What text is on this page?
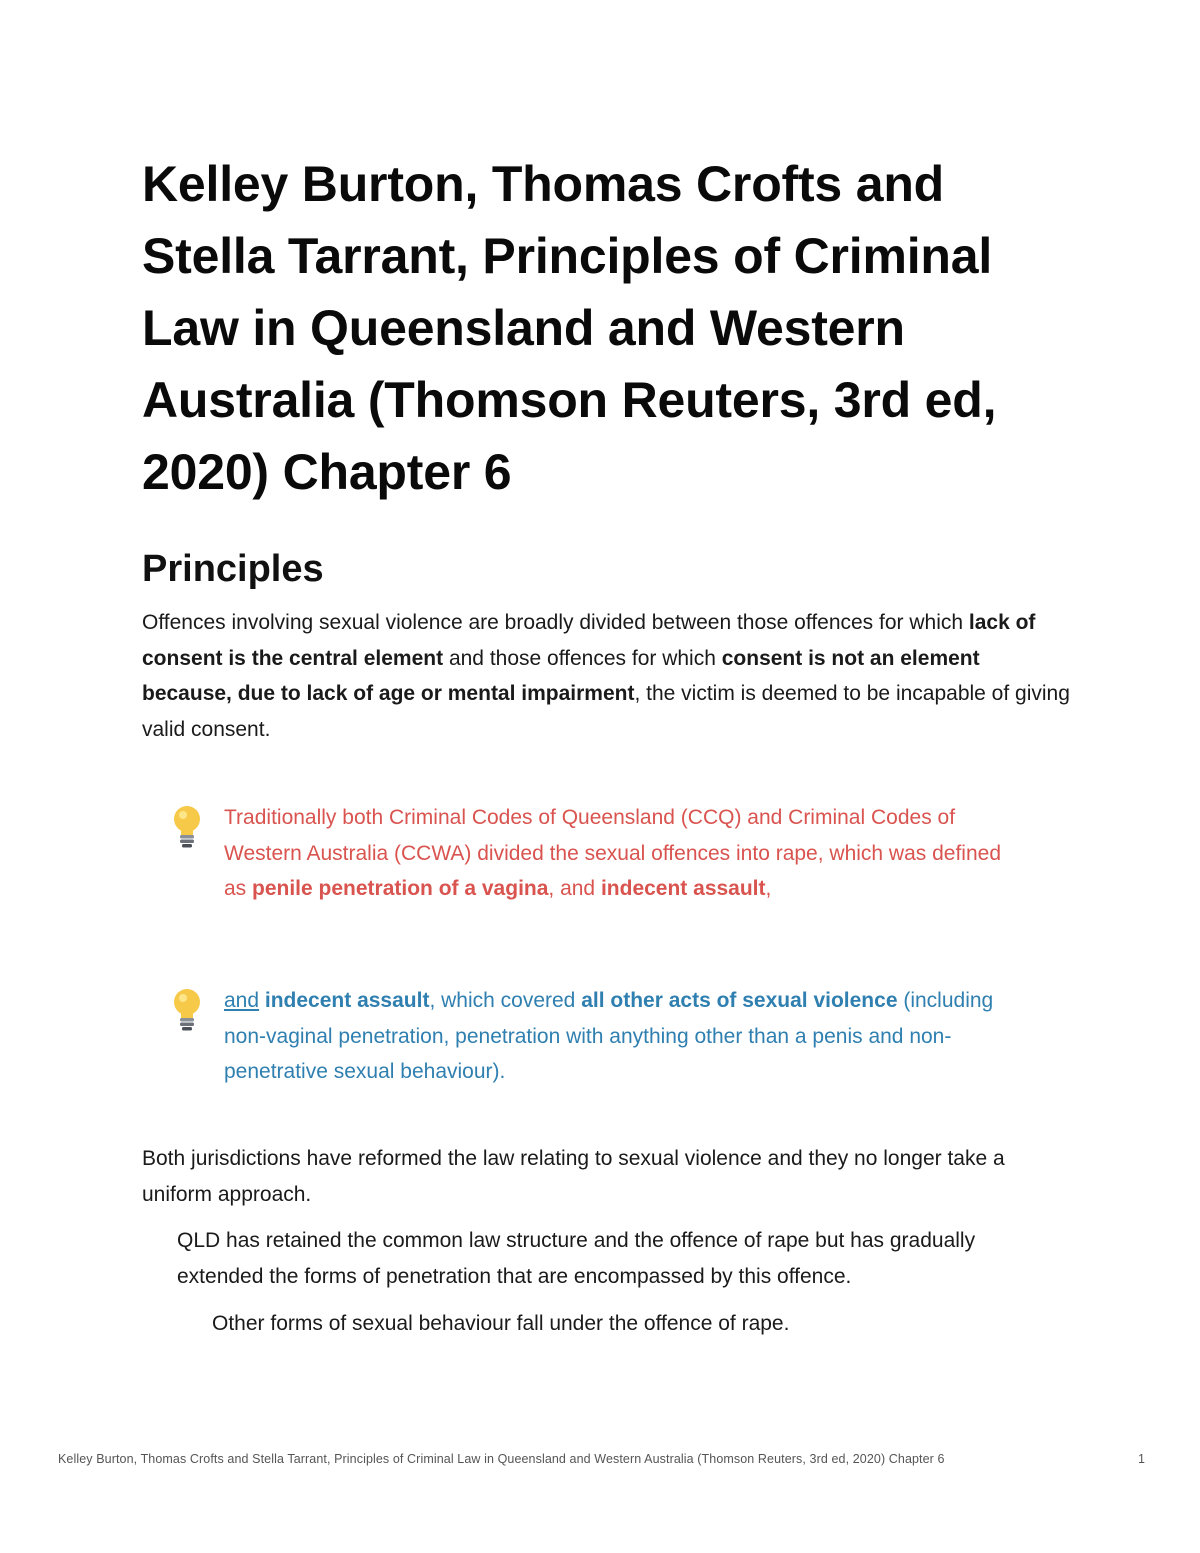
Kelley Burton, Thomas Crofts and Stella Tarrant, Principles of Criminal Law in Queensland and Western Australia (Thomson Reuters, 3rd ed, 2020) Chapter 6
Principles

Offences involving sexual violence are broadly divided between those offences for which lack of consent is the central element and those offences for which consent is not an element because, due to lack of age or mental impairment, the victim is deemed to be incapable of giving valid consent.

Traditionally both Criminal Codes of Queensland (CCQ) and Criminal Codes of Western Australia (CCWA) divided the sexual offences into rape, which was defined as penile penetration of a vagina, and indecent assault,

and indecent assault, which covered all other acts of sexual violence (including non-vaginal penetration, penetration with anything other than a penis and non-penetrative sexual behaviour).

Both jurisdictions have reformed the law relating to sexual violence and they no longer take a uniform approach.

QLD has retained the common law structure and the offence of rape but has gradually extended the forms of penetration that are encompassed by this offence.

Other forms of sexual behaviour fall under the offence of rape.

Kelley Burton, Thomas Crofts and Stella Tarrant, Principles of Criminal Law in Queensland and Western Australia (Thomson Reuters, 3rd ed, 2020) Chapter 6	1
